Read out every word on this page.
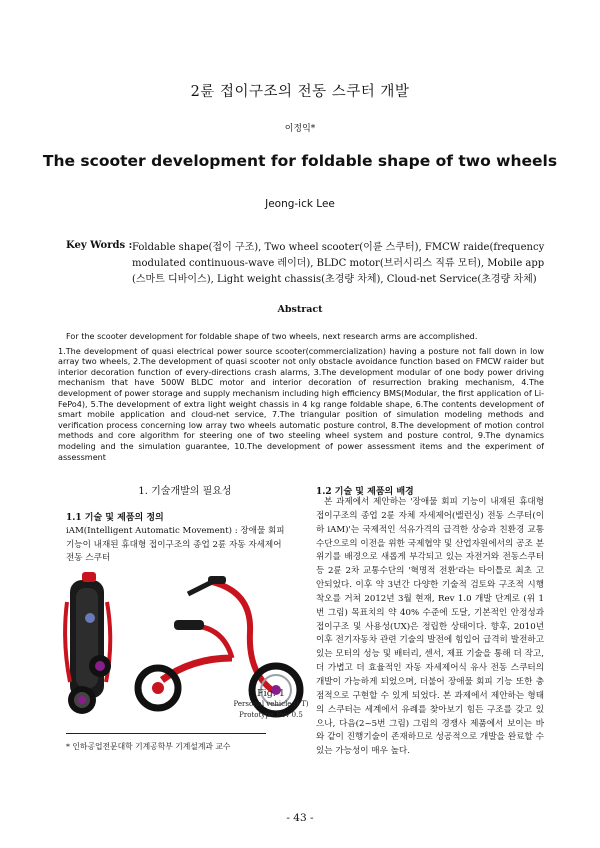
2륜 접이구조의 전동 스쿠터 개발
이정익*
The scooter development for foldable shape of two wheels
Jeong-ick Lee
Key Words : Foldable shape(접이 구조), Two wheel scooter(이륜 스쿠터), FMCW raide(frequency modulated continuous-wave 레이더), BLDC motor(브러시리스 직류 모터), Mobile app (스마트 디바이스), Light weight chassis(초경량 차체), Cloud-net Service(초경량 차체)
Abstract

For the scooter development for foldable shape of two wheels, next research arms are accomplished.

1.The development of quasi electrical power source scooter(commercialization) having a posture not fall down in low array two wheels, 2.The development of quasi scooter not only obstacle avoidance function based on FMCW raider but interior decoration function of every-directions crash alarms, 3.The development modular of one body power driving mechanism that have 500W BLDC motor and interior decoration of resurrection braking mechanism, 4.The development of power storage and supply mechanism including high efficiency BMS(Modular, the first application of Li-FePo4), 5.The development of extra light weight chassis in 4 kg range foldable shape, 6.The contents development of smart mobile application and cloud-net service, 7.The triangular position of simulation modeling methods and verification process concerning low array two wheels automatic posture control, 8.The development of motion control methods and core algorithm for steering one of two steeling wheel system and posture control, 9.The dynamics modeling and the simulation guarantee, 10.The development of power assessment items and the experiment of assessment

1. 기술개발의 필요성
1.1 기술 및 제품의 정의
iAM(Intelligent Automatic Movement) : 장애물 회피 기능이 내재된 휴대형 접이구조의 종업 2륜 자동 자세제어 전동 스쿠터
Fig. 1
Personal vehicle (PT)
Prototype Rev 0.5
* 인하공업전문대학 기계공학부 기계설계과 교수
1.2 기술 및 제품의 배경

본 과제에서 제안하는 '장애물 회피 기능이 내재된 휴대형 접이구조의 종업 2륜 자체 자세제어(밸런싱) 전동 스쿠터(이하 iAM)'는 국제적인 석유가격의 급격한 상승과 친환경 교통수단으로의 이전을 위한 국제협약 및 산업자원에서의 공조 분위기를 배경으로 새롭게 부각되고 있는 자전거와 전동스쿠터 등 2륜 2차 교통수단의 '혁명적 전환'라는 타이틀로 최초 고안되었다. 이후 약 3년간 다양한 기술적 검토와 구조적 시행착오를 거쳐 2012년 3월 현재, Rev 1.0 개발 단계로 (위 1번 그림) 목표치의 약 40% 수준에 도달, 기본적인 안정성과 접이구조 및 사용성(UX)은 정립한 상태이다. 향후, 2010년 이후 전기자동차 관련 기술의 발전에 힘입어 급격히 발전하고 있는 모터의 성능 및 배터리, 센서, 제표 기술을 통해 더 작고, 더 가볍고 더 효율적인 자동 자세제어식 유사 전동 스쿠터의 개발이 가능하게 되었으며, 더불어 장애물 회피 기능 또한 충점적으로 구현할 수 있게 되었다. 본 과제에서 제안하는 형태의 스쿠터는 세계에서 유례를 찾아보기 힘든 구조를 갖고 있으나, 다음(2~5번 그림) 그림의 경쟁사 제품에서 보이는 바와 같이 진행기술이 존재하므로 성공적으로 개발을 완료할 수 있는 가능성이 매우 높다.

- 43 -
